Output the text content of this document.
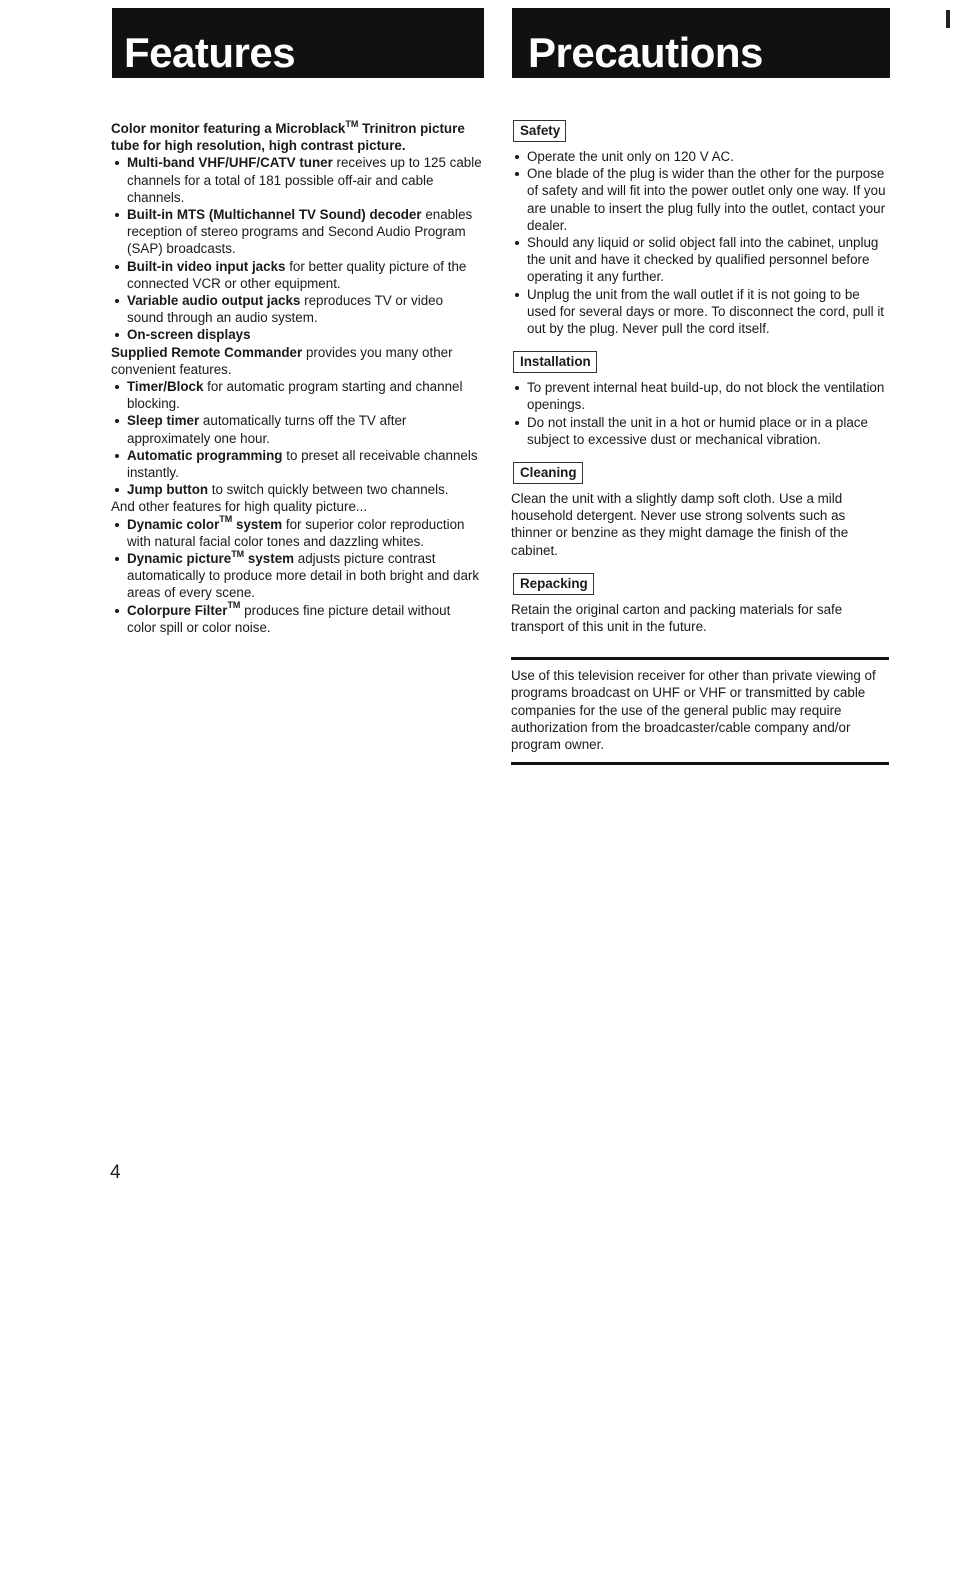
Features	Precautions

Color monitor featuring a Microblack™ Trinitron picture tube for high resolution, high contrast picture.

Multi-band VHF/UHF/CATV tuner receives up to 125 cable channels for a total of 181 possible off-air and cable channels.
Built-in MTS (Multichannel TV Sound) decoder enables reception of stereo programs and Second Audio Program (SAP) broadcasts.
Built-in video input jacks for better quality picture of the connected VCR or other equipment.
Variable audio output jacks reproduces TV or video sound through an audio system.
On-screen displays

Supplied Remote Commander provides you many other convenient features.

Timer/Block for automatic program starting and channel blocking.
Sleep timer automatically turns off the TV after approximately one hour.
Automatic programming to preset all receivable channels instantly.
Jump button to switch quickly between two channels.

And other features for high quality picture...

Dynamic color™ system for superior color reproduction with natural facial color tones and dazzling whites.
Dynamic picture™ system adjusts picture contrast automatically to produce more detail in both bright and dark areas of every scene.
Colorpure Filter™ produces fine picture detail without color spill or color noise.
Safety
Operate the unit only on 120 V AC.
One blade of the plug is wider than the other for the purpose of safety and will fit into the power outlet only one way. If you are unable to insert the plug fully into the outlet, contact your dealer.
Should any liquid or solid object fall into the cabinet, unplug the unit and have it checked by qualified personnel before operating it any further.
Unplug the unit from the wall outlet if it is not going to be used for several days or more. To disconnect the cord, pull it out by the plug. Never pull the cord itself.
Installation
To prevent internal heat build-up, do not block the ventilation openings.
Do not install the unit in a hot or humid place or in a place subject to excessive dust or mechanical vibration.
Cleaning

Clean the unit with a slightly damp soft cloth. Use a mild household detergent. Never use strong solvents such as thinner or benzine as they might damage the finish of the cabinet.

Repacking

Retain the original carton and packing materials for safe transport of this unit in the future.

Use of this television receiver for other than private viewing of programs broadcast on UHF or VHF or transmitted by cable companies for the use of the general public may require authorization from the broadcaster/cable company and/or program owner.

4
